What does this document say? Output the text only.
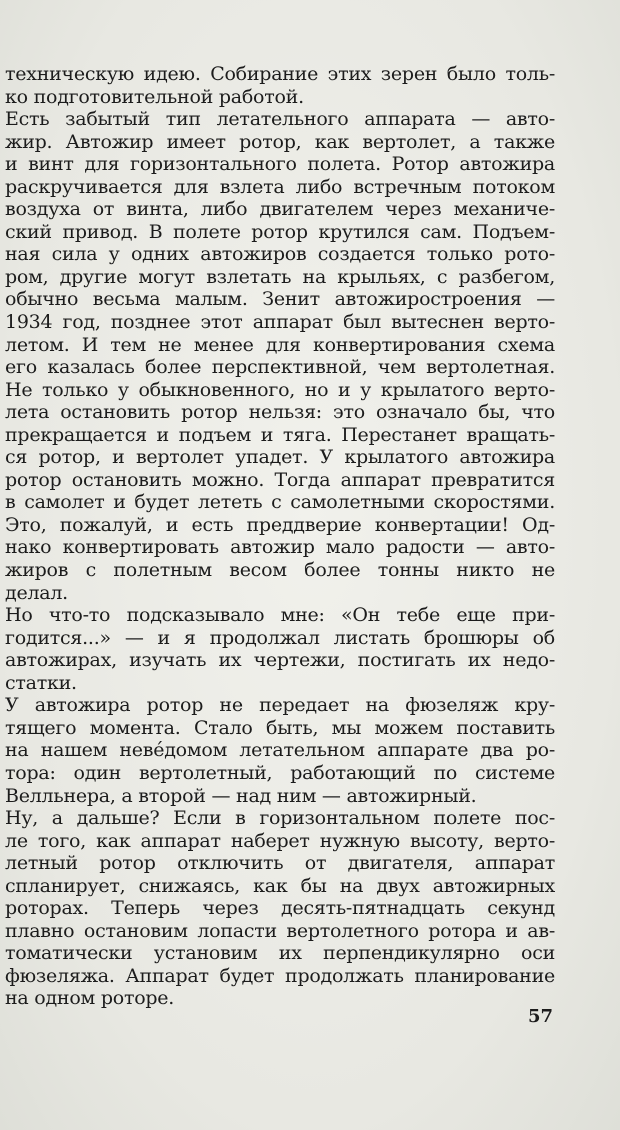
техническую идею. Собирание этих зерен было толь-
ко подготовительной работой.
Есть забытый тип летательного аппарата — авто-
жир. Автожир имеет ротор, как вертолет, а также
и винт для горизонтального полета. Ротор автожира
раскручивается для взлета либо встречным потоком
воздуха от винта, либо двигателем через механиче-
ский привод. В полете ротор крутился сам. Подъем-
ная сила у одних автожиров создается только рото-
ром, другие могут взлетать на крыльях, с разбегом,
обычно весьма малым. Зенит автожиростроения —
1934 год, позднее этот аппарат был вытеснен верто-
летом. И тем не менее для конвертирования схема
его казалась более перспективной, чем вертолетная.
Не только у обыкновенного, но и у крылатого верто-
лета остановить ротор нельзя: это означало бы, что
прекращается и подъем и тяга. Перестанет вращать-
ся ротор, и вертолет упадет. У крылатого автожира
ротор остановить можно. Тогда аппарат превратится
в самолет и будет лететь с самолетными скоростями.
Это, пожалуй, и есть преддверие конвертации! Од-
нако конвертировать автожир мало радости — авто-
жиров с полетным весом более тонны никто не
делал.
Но что-то подсказывало мне: «Он тебе еще при-
годится...» — и я продолжал листать брошюры об
автожирах, изучать их чертежи, постигать их недо-
статки.
У автожира ротор не передает на фюзеляж кру-
тящего момента. Стало быть, мы можем поставить
на нашем невéдомом летательном аппарате два ро-
тора: один вертолетный, работающий по системе
Велльнера, а второй — над ним — автожирный.
Ну, а дальше? Если в горизонтальном полете пос-
ле того, как аппарат наберет нужную высоту, верто-
летный ротор отключить от двигателя, аппарат
спланирует, снижаясь, как бы на двух автожирных
роторах. Теперь через десять-пятнадцать секунд
плавно остановим лопасти вертолетного ротора и ав-
томатически установим их перпендикулярно оси
фюзеляжа. Аппарат будет продолжать планирование
на одном роторе.
57
